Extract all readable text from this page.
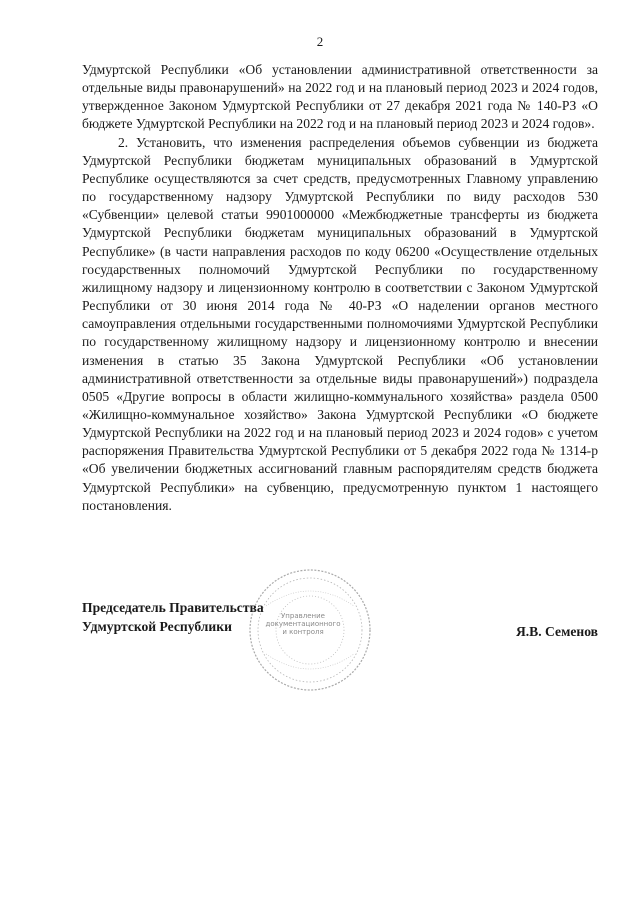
2

Удмуртской Республики «Об установлении административной ответственности за отдельные виды правонарушений» на 2022 год и на плановый период 2023 и 2024 годов, утвержденное Законом Удмуртской Республики от 27 декабря 2021 года № 140-РЗ «О бюджете Удмуртской Республики на 2022 год и на плановый период 2023 и 2024 годов».

2. Установить, что изменения распределения объемов субвенции из бюджета Удмуртской Республики бюджетам муниципальных образований в Удмуртской Республике осуществляются за счет средств, предусмотренных Главному управлению по государственному надзору Удмуртской Республики по виду расходов 530 «Субвенции» целевой статьи 9901000000 «Межбюджетные трансферты из бюджета Удмуртской Республики бюджетам муниципальных образований в Удмуртской Республике» (в части направления расходов по коду 06200 «Осуществление отдельных государственных полномочий Удмуртской Республики по государственному жилищному надзору и лицензионному контролю в соответствии с Законом Удмуртской Республики от 30 июня 2014 года № 40-РЗ «О наделении органов местного самоуправления отдельными государственными полномочиями Удмуртской Республики по государственному жилищному надзору и лицензионному контролю и внесении изменения в статью 35 Закона Удмуртской Республики «Об установлении административной ответственности за отдельные виды правонарушений») подраздела 0505 «Другие вопросы в области жилищно-коммунального хозяйства» раздела 0500 «Жилищно-коммунальное хозяйство» Закона Удмуртской Республики «О бюджете Удмуртской Республики на 2022 год и на плановый период 2023 и 2024 годов» с учетом распоряжения Правительства Удмуртской Республики от 5 декабря 2022 года № 1314-р «Об увеличении бюджетных ассигнований главным распорядителям средств бюджета Удмуртской Республики» на субвенцию, предусмотренную пунктом 1 настоящего постановления.

Управление
документационного
и контроля
Председатель Правительства
Удмуртской Республики	Я.В. Семенов
